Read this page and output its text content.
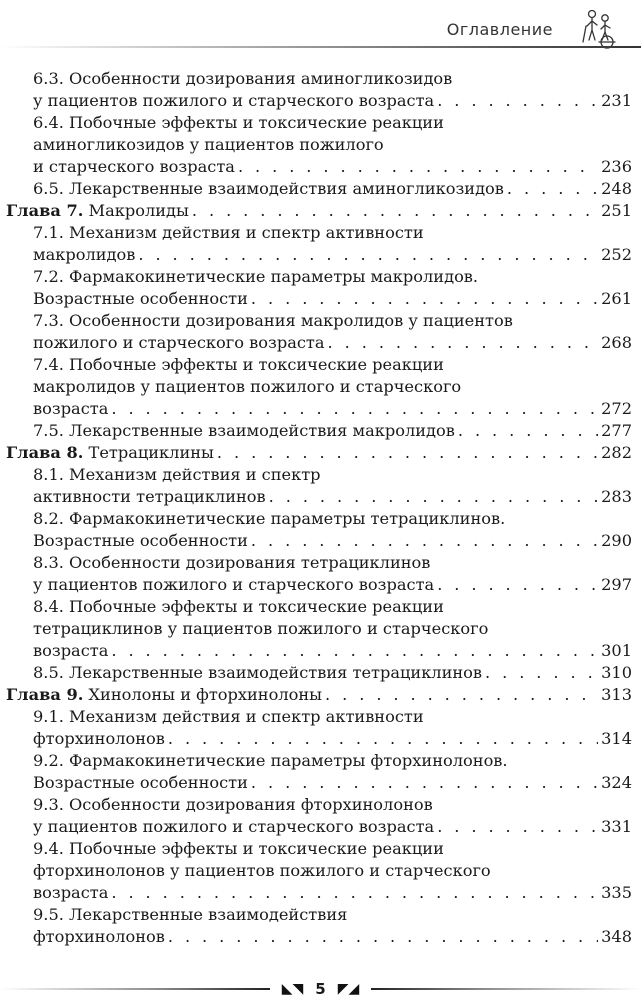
Оглавление
6.3. Особенности дозирования аминогликозидов
у пациентов пожилого и старческого возраста . . .	231
6.4. Побочные эффекты и токсические реакции
аминогликозидов у пациентов пожилого
и старческого возраста . . .	236
6.5. Лекарственные взаимодействия аминогликозидов . . .	248
Глава 7. Макролиды . . .	251
7.1. Механизм действия и спектр активности
макролидов . . .	252
7.2. Фармакокинетические параметры макролидов.
Возрастные особенности . . .	261
7.3. Особенности дозирования макролидов у пациентов
пожилого и старческого возраста . . .	268
7.4. Побочные эффекты и токсические реакции
макролидов у пациентов пожилого и старческого
возраста . . .	272
7.5. Лекарственные взаимодействия макролидов . . .	277
Глава 8. Тетрациклины . . .	282
8.1. Механизм действия и спектр
активности тетрациклинов . . .	283
8.2. Фармакокинетические параметры тетрациклинов.
Возрастные особенности . . .	290
8.3. Особенности дозирования тетрациклинов
у пациентов пожилого и старческого возраста . . .	297
8.4. Побочные эффекты и токсические реакции
тетрациклинов у пациентов пожилого и старческого
возраста . . .	301
8.5. Лекарственные взаимодействия тетрациклинов . . .	310
Глава 9. Хинолоны и фторхинолоны . . .	313
9.1. Механизм действия и спектр активности
фторхинолонов . . .	314
9.2. Фармакокинетические параметры фторхинолонов.
Возрастные особенности . . .	324
9.3. Особенности дозирования фторхинолонов
у пациентов пожилого и старческого возраста . . .	331
9.4. Побочные эффекты и токсические реакции
фторхинолонов у пациентов пожилого и старческого
возраста . . .	335
9.5. Лекарственные взаимодействия
фторхинолонов . . .	348
◣◥ 5 ◤◢
